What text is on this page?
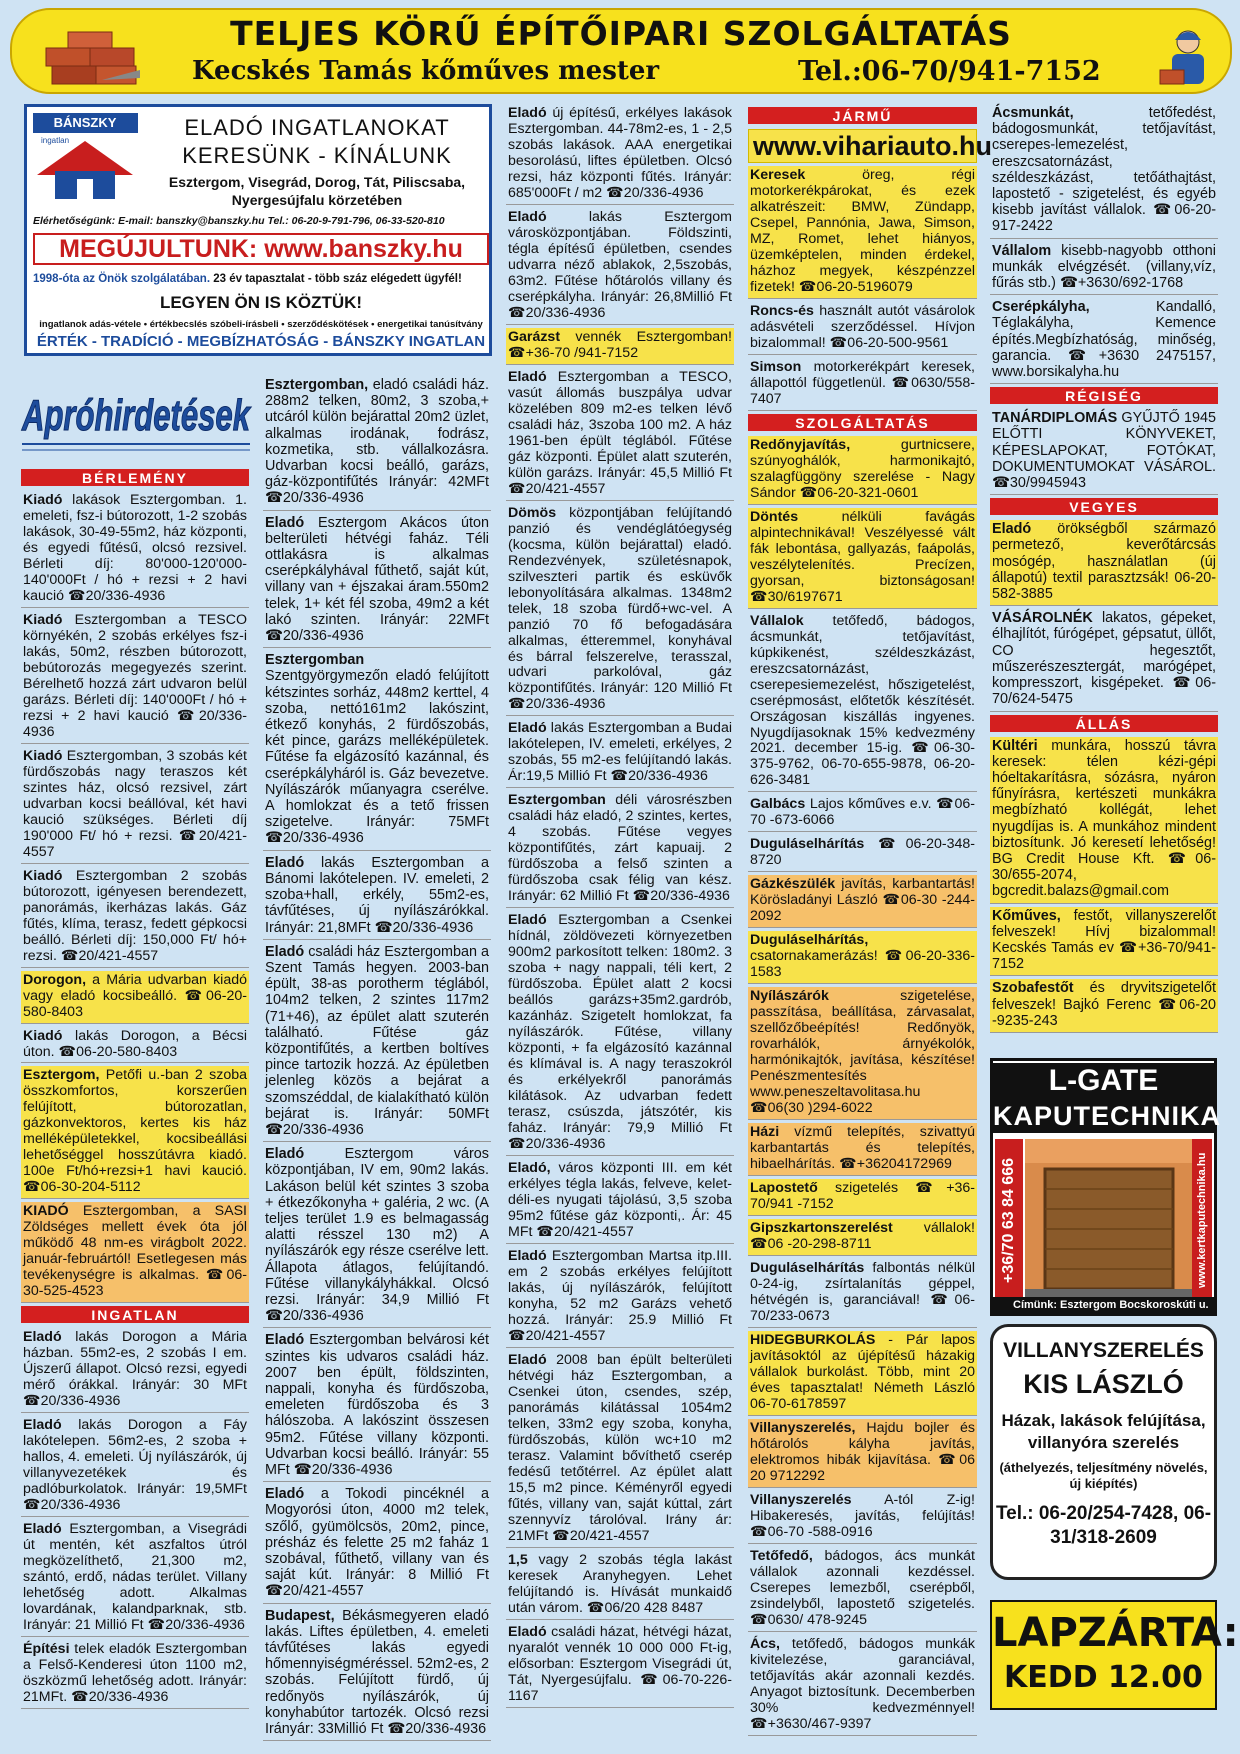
TELJES KÖRŰ ÉPÍTŐIPARI SZOLGÁLTATÁS
Kecskés Tamás kőműves mester	Tel.:06-70/941-7152
BÁNSZKY
ingatlan
ELADÓ INGATLANOKAT
KERESÜNK - KÍNÁLUNK
Esztergom, Visegrád, Dorog, Tát, Piliscsaba, Nyergesújfalu körzetében
Elérhetőségünk: E-mail: banszky@banszky.hu Tel.: 06-20-9-791-796, 06-33-520-810
MEGÚJULTUNK: www.banszky.hu
1998-óta az Önök szolgálatában. 23 év tapasztalat - több száz elégedett ügyfél!
LEGYEN ÖN IS KÖZTÜK!
ingatlanok adás-vétele • értékbecslés szóbeli-írásbeli • szerződéskötések • energetikai tanúsítvány
ÉRTÉK - TRADÍCIÓ - MEGBÍZHATÓSÁG - BÁNSZKY INGATLAN
Apróhirdetések
BÉRLEMÉNY
Kiadó lakások Esztergomban. 1. emeleti, fsz-i bútorozott, 1-2 szobás lakások, 30-49-55m2, ház központi, és egyedi fűtésű, olcsó rezsivel. Bérleti díj: 80'000-120'000-140'000Ft / hó + rezsi + 2 havi kaució ☎20/336-4936
Kiadó Esztergomban a TESCO környékén, 2 szobás erkélyes fsz-i lakás, 50m2, részben bútorozott, bebútorozás megegyezés szerint. Bérelhető hozzá zárt udvaron belül garázs. Bérleti díj: 140'000Ft / hó + rezsi + 2 havi kaució ☎20/336-4936
Kiadó Esztergomban, 3 szobás két fürdőszobás nagy teraszos két szintes ház, olcsó rezsivel, zárt udvarban kocsi beállóval, két havi kaució szükséges. Bérleti díj 190'000 Ft/ hó + rezsi. ☎20/421-4557
Kiadó Esztergomban 2 szobás bútorozott, igényesen berendezett, panorámás, ikerházas lakás. Gáz fűtés, klíma, terasz, fedett gépkocsi beálló. Bérleti díj: 150,000 Ft/ hó+ rezsi. ☎20/421-4557
Dorogon, a Mária udvarban kiadó vagy eladó kocsibeálló. ☎06-20-580-8403
Kiadó lakás Dorogon, a Bécsi úton. ☎06-20-580-8403
Esztergom, Petőfi u.-ban 2 szoba összkomfortos, korszerűen felújított, bútorozatlan, gázkonvektoros, kertes kis ház melléképületekkel, kocsibeállási lehetőséggel hosszútávra kiadó. 100e Ft/hó+rezsi+1 havi kaució. ☎06-30-204-5112
KIADÓ Esztergomban, a SASI Zöldséges mellett évek óta jól működő 48 nm-es virágbolt 2022. január-februártól! Esetlegesen más tevékenységre is alkalmas. ☎06-30-525-4523
INGATLAN
Eladó lakás Dorogon a Mária házban. 55m2-es, 2 szobás I em. Újszerű állapot. Olcsó rezsi, egyedi mérő órákkal. Irányár: 30 MFt ☎20/336-4936
Eladó lakás Dorogon a Fáy lakótelepen. 56m2-es, 2 szoba + hallos, 4. emeleti. Új nyílászárók, új villanyvezetékek és padlóburkolatok. Irányár: 19,5MFt ☎20/336-4936
Eladó Esztergomban, a Visegrádi út mentén, két aszfaltos útról megközelíthető, 21,300 m2, szántó, erdő, nádas terület. Villany lehetőség adott. Alkalmas lovardának, kalandparknak, stb. Irányár: 21 Millió Ft ☎20/336-4936
Építési telek eladók Esztergomban a Felső-Kenderesi úton 1100 m2, öszközmű lehetőség adott. Irányár: 21MFt. ☎20/336-4936
Esztergomban, eladó családi ház. 288m2 telken, 80m2, 3 szoba,+ utcáról külön bejárattal 20m2 üzlet, alkalmas irodának, fodrász, kozmetika, stb. vállalkozásra. Udvarban kocsi beálló, garázs, gáz-központifűtés Irányár: 42MFt ☎20/336-4936
Eladó Esztergom Akácos úton belterületi hétvégi faház. Téli ottlakásra is alkalmas cserépkályhával fűthető, saját kút, villany van + éjszakai áram.550m2 telek, 1+ két fél szoba, 49m2 a két lakó szinten. Irányár: 22MFt ☎20/336-4936
Esztergomban Szentgyörgymezőn eladó felújított kétszintes sorház, 448m2 kerttel, 4 szoba, nettó161m2 lakószint, étkező konyhás, 2 fürdőszobás, két pince, garázs melléképületek. Fűtése fa elgázosító kazánnal, és cserépkályháról is. Gáz bevezetve. Nyílászárók műanyagra cserélve. A homlokzat és a tető frissen szigetelve. Irányár: 75MFt ☎20/336-4936
Eladó lakás Esztergomban a Bánomi lakótelepen. IV. emeleti, 2 szoba+hall, erkély, 55m2-es, távfűtéses, új nyílászárókkal. Irányár: 21,8MFt ☎20/336-4936
Eladó családi ház Esztergomban a Szent Tamás hegyen. 2003-ban épült, 38-as porotherm téglából, 104m2 telken, 2 szintes 117m2 (71+46), az épület alatt szuterén található. Fűtése gáz központifűtés, a kertben boltíves pince tartozik hozzá. Az épületben jelenleg közös a bejárat a szomszéddal, de kialakítható külön bejárat is. Irányár: 50MFt ☎20/336-4936
Eladó Esztergom város központjában, IV em, 90m2 lakás. Lakáson belül két szintes 3 szoba + étkezőkonyha + galéria, 2 wc. (A teljes terület 1.9 es belmagasság alatti résszel 130 m2) A nyílászárók egy része cserélve lett. Állapota átlagos, felújítandó. Fűtése villanykályhákkal. Olcsó rezsi. Irányár: 34,9 Millió Ft ☎20/336-4936
Eladó Esztergomban belvárosi két szintes kis udvaros családi ház. 2007 ben épült, földszinten, nappali, konyha és fürdőszoba, emeleten fürdőszoba és 3 hálószoba. A lakószint összesen 95m2. Fűtése villany központi. Udvarban kocsi beálló. Irányár: 55 MFt ☎20/336-4936
Eladó a Tokodi pincéknél a Mogyorósi úton, 4000 m2 telek, szőlő, gyümölcsös, 20m2, pince, présház és felette 25 m2 faház 1 szobával, fűthető, villany van és saját kút. Irányár: 8 Millió Ft ☎20/421-4557
Budapest, Békásmegyeren eladó lakás. Liftes épületben, 4. emeleti távfűtéses lakás egyedi hőmennyiségméréssel. 52m2-es, 2 szobás. Felújított fürdő, új redőnyös nyílászárók, új konyhabútor tartozék. Olcsó rezsi Irányár: 33Millió Ft ☎20/336-4936
Eladó új építésű, erkélyes lakások Esztergomban. 44-78m2-es, 1 - 2,5 szobás lakások. AAA energetikai besorolású, liftes épületben. Olcsó rezsi, ház központi fűtés. Irányár: 685'000Ft / m2 ☎20/336-4936
Eladó lakás Esztergom városközpontjában. Földszinti, tégla építésű épületben, csendes udvarra néző ablakok, 2,5szobás, 63m2. Fűtése hőtárolós villany és cserépkályha. Irányár: 26,8Millió Ft ☎20/336-4936
Garázst vennék Esztergomban! ☎+36-70 /941-7152
Eladó Esztergomban a TESCO, vasút állomás buszpálya udvar közelében 809 m2-es telken lévő családi ház, 3szoba 100 m2. A ház 1961-ben épült téglából. Fűtése gáz központi. Épület alatt szuterén, külön garázs. Irányár: 45,5 Millió Ft ☎20/421-4557
Dömös központjában felújítandó panzió és vendéglátóegység (kocsma, külön bejárattal) eladó. Rendezvények, születésnapok, szilveszteri partik és esküvők lebonyolítására alkalmas. 1348m2 telek, 18 szoba fürdő+wc-vel. A panzió 70 fő befogadására alkalmas, étteremmel, konyhával és bárral felszerelve, terasszal, udvari parkolóval, gáz központifűtés. Irányár: 120 Millió Ft ☎20/336-4936
Eladó lakás Esztergomban a Budai lakótelepen, IV. emeleti, erkélyes, 2 szobás, 55 m2-es felújítandó lakás. Ár:19,5 Millió Ft ☎20/336-4936
Esztergomban déli városrészben családi ház eladó, 2 szintes, kertes, 4 szobás. Fűtése vegyes központifűtés, zárt kapuaij. 2 fürdőszoba a felső szinten a fürdőszoba csak félig van kész. Irányár: 62 Millió Ft ☎20/336-4936
Eladó Esztergomban a Csenkei hídnál, zöldövezeti környezetben 900m2 parkosított telken: 180m2. 3 szoba + nagy nappali, téli kert, 2 fürdőszoba. Épület alatt 2 kocsi beállós garázs+35m2.gardrób, kazánház. Szigetelt homlokzat, fa nyílászárók. Fűtése, villany központi, + fa elgázosító kazánnal és klímával is. A nagy teraszokról és erkélyekről panorámás kilátások. Az udvarban fedett terasz, csúszda, játszótér, kis faház. Irányár: 79,9 Millió Ft ☎20/336-4936
Eladó, város központi III. em két erkélyes téglа lakás, felveve, kelet-déli-es nyugati tájolású, 3,5 szoba 95m2 fűtése gáz központi,. Ár: 45 MFt ☎20/421-4557
Eladó Esztergomban Martsa itp.III. em 2 szobás erkélyes felújított lakás, új nyílászárók, felújított konyha, 52 m2 Garázs vehető hozzá. Irányár: 25.9 Millió Ft ☎20/421-4557
Eladó 2008 ban épült belterületi hétvégi ház Esztergomban, a Csenkei úton, csendes, szép, panorámás kilátással 1054m2 telken, 33m2 egy szoba, konyha, fürdőszobás, külön wc+10 m2 terasz. Valamint bővíthető cserép fedésű tetőtérrel. Az épület alatt 15,5 m2 pince. Kéményről egyedi fűtés, villany van, saját kúttal, zárt szennyvíz tárolóval. Irány ár: 21MFt ☎20/421-4557
1,5 vagy 2 szobás tégla lakást keresek Aranyhegyen. Lehet felújítandó is. Hívását munkaidő után várom. ☎06/20 428 8487
Eladó családi házat, hétvégi házat, nyaralót vennék 10 000 000 Ft-ig, elősorban: Esztergom Visegrádi út, Tát, Nyergesújfalu. ☎06-70-226-1167
JÁRMŰ
www.vihariauto.hu
Keresek öreg, régi motorkerékpárokat, és ezek alkatrészeit: BMW, Zündapp, Csepel, Pannónia, Jawa, Simson, MZ, Romet, lehet hiányos, üzemképtelen, minden érdekel, házhoz megyek, készpénzzel fizetek! ☎06-20-5196079
Roncs-és használt autót vásárolok adásvételi szerződéssel. Hívjon bizalommal! ☎06-20-500-9561
Simson motorkerékpárt keresek, állapottól függetlenül. ☎0630/558-7407
SZOLGÁLTATÁS
Redőnyjavítás, gurtnicsere, szúnyoghálók, harmonikajtó, szalagfüggöny szerelése - Nagy Sándor ☎06-20-321-0601
Döntés nélküli favágás alpintechnikával! Veszélyessé vált fák lebontása, gallyazás, faápolás, veszélytelenítés. Precízen, gyorsan, biztonságosan! ☎30/6197671
Vállalok tetőfedő, bádogos, ácsmunkát, tetőjavítást, kúpkikenést, széldeszkázást, ereszcsatornázást, cserepesiemezelést, hőszigetelést, cserépmosást, előtetők készítését. Országosan kiszállás ingyenes. Nyugdíjasoknak 15% kedvezmény 2021. december 15-ig. ☎06-30-375-9762, 06-70-655-9878, 06-20-626-3481
Galbács Lajos kőműves e.v. ☎06-70 -673-6066
Duguláselhárítás ☎06-20-348-8720
Gázkészülék javítás, karbantartás! Körösladányi László ☎06-30 -244-2092
Duguláselhárítás, csatornakamerázás! ☎06-20-336-1583
Nyílászárók szigetelése, passzítása, beállítása, zárvasalat, szellőzőbeépítés! Redőnyök, rovarhálók, árnyékolók, harmónikajtók, javítása, készítése! Penészmentesítés www.peneszeltavolitasa.hu ☎06(30 )294-6022
Házi vízmű telepítés, szivattyú karbantartás és telepítés, hibaelhárítás. ☎+36204172969
Lapostető szigetelés ☎+36-70/941 -7152
Gipszkartonszerelést vállalok! ☎06 -20-298-8711
Duguláselhárítás falbontás nélkül 0-24-ig, zsírtalanítás géppel, hétvégén is, garanciával! ☎06-70/233-0673
HIDEGBURKOLÁS - Pár lapos javításoktól az újépítésű házakig vállalok burkolást. Több, mint 20 éves tapasztalat! Németh László 06-70-6178597
Villanyszerelés, Hajdu bojler és hőtárolós kályha javítás, elektromos hibák kijavítása. ☎06 20 9712292
Villanyszerelés A-tól Z-ig! Hibakeresés, javítás, felújítás! ☎06-70 -588-0916
Tetőfedő, bádogos, ács munkát vállalok azonnali kezdéssel. Cserepes lemezből, cserépből, zsindelyből, lapostető szigetelés. ☎0630/ 478-9245
Ács, tetőfedő, bádogos munkák kivitelezése, garanciával, tetőjavítás akár azonnali kezdés. Anyagot biztosítunk. Decemberben 30% kedvezménnyel! ☎+3630/467-9397
Ácsmunkát, tetőfedést, bádogosmunkát, tetőjavítást, cserepes-lemezelést, ereszcsatornázást, széldeszkázást, tetőáthajtást, lapostető - szigetelést, és egyéb kisebb javítást vállalok. ☎06-20-917-2422
Vállalom kisebb-nagyobb otthoni munkák elvégzését. (villany,víz, fűrás stb.) ☎+3630/692-1768
Cserépkályha, Kandalló, Téglakályha, Kemence építés.Megbízhatóság, minőség, garancia. ☎+3630 2475157, www.borsikalyha.hu
RÉGISÉG
TANÁRDIPLOMÁS GYŰJTŐ 1945 ELŐTTI KÖNYVEKET, KÉPESLAPOKAT, FOTÓKAT, DOKUMENTUMOKAT VÁSÁROL. ☎30/9945943
VEGYES
Eladó örökségből származó permetező, keverőtárcsás mosógép, használatlan (új állapotú) textil parasztzsák! 06-20-582-3885
VÁSÁROLNÉK lakatos, gépeket, élhajlítót, fúrógépet, gépsatut, üllőt, CO hegesztőt, műszerészesztergát, marógépet, kompresszort, kisgépeket. ☎06-70/624-5475
ÁLLÁS
Kültéri munkára, hosszú távra keresek: télen kézi-gépi hóeltakarításra, sózásra, nyáron fűnyírásra, kertészeti munkákra megbízható kollégát, lehet nyugdíjas is. A munkához mindent biztosítunk. Jó keresetí lehetőség! BG Credit House Kft. ☎06-30/655-2074, bgcredit.balazs@gmail.com
Kőműves, festőt, villanyszerelőt felveszek! Hívj bizalommal! Kecskés Tamás ev ☎+36-70/941-7152
Szobafestőt és dryvitszigetelőt felveszek! Bajkó Ferenc ☎06-20 -9235-243
L-GATE
KAPUTECHNIKA
+36/70 63 84 666	www.kertkaputechnika.hu
Címünk: Esztergom Bocskoroskúti u.
VILLANYSZERELÉS
KIS LÁSZLÓ
Házak, lakások felújítása, villanyóra szerelés
(áthelyezés, teljesítmény növelés, új kiépítés)
Tel.: 06-20/254-7428, 06-31/318-2609
LAPZÁRTA:
KEDD 12.00
